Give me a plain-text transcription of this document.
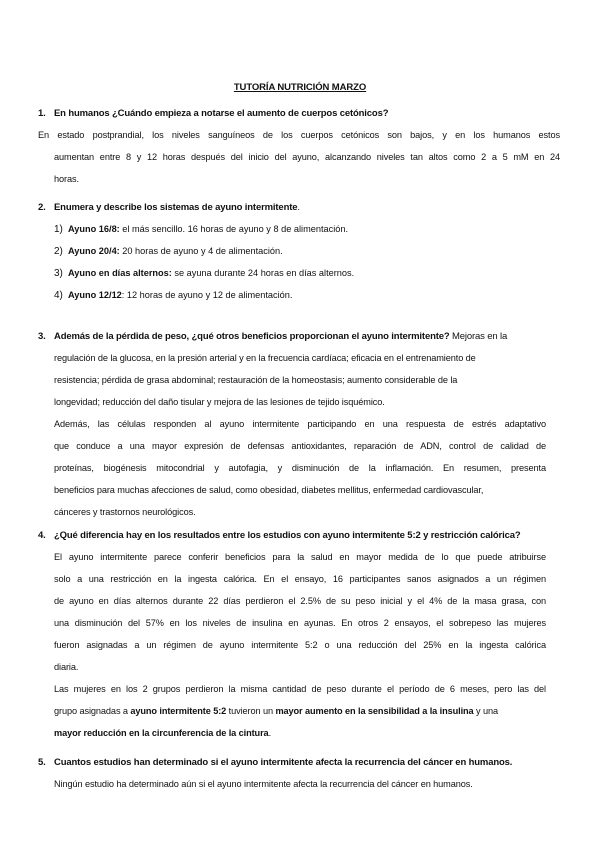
TUTORÍA NUTRICIÓN MARZO
1. En humanos ¿Cuándo empieza a notarse el aumento de cuerpos cetónicos?
En estado postprandial, los niveles sanguíneos de los cuerpos cetónicos son bajos, y en los humanos estos
aumentan entre 8 y 12 horas después del inicio del ayuno, alcanzando niveles tan altos como 2 a 5 mM en 24
horas.
2. Enumera y describe los sistemas de ayuno intermitente.
1) Ayuno 16/8: el más sencillo. 16 horas de ayuno y 8 de alimentación.
2) Ayuno 20/4: 20 horas de ayuno y 4 de alimentación.
3) Ayuno en días alternos: se ayuna durante 24 horas en días alternos.
4) Ayuno 12/12: 12 horas de ayuno y 12 de alimentación.
3. Además de la pérdida de peso, ¿qué otros beneficios proporcionan el ayuno intermitente? Mejoras en la
regulación de la glucosa, en la presión arterial y en la frecuencia cardíaca; eficacia en el entrenamiento de
resistencia; pérdida de grasa abdominal; restauración de la homeostasis; aumento considerable de la
longevidad; reducción del daño tisular y mejora de las lesiones de tejido isquémico.
Además, las células responden al ayuno intermitente participando en una respuesta de estrés adaptativo
que conduce a una mayor expresión de defensas antioxidantes, reparación de ADN, control de calidad de
proteínas, biogénesis mitocondrial y autofagia, y disminución de la inflamación. En resumen, presenta
beneficios para muchas afecciones de salud, como obesidad, diabetes mellitus, enfermedad cardiovascular,
cánceres y trastornos neurológicos.
4. ¿Qué diferencia hay en los resultados entre los estudios con ayuno intermitente 5:2 y restricción calórica?
El ayuno intermitente parece conferir beneficios para la salud en mayor medida de lo que puede atribuirse
solo a una restricción en la ingesta calórica. En el ensayo, 16 participantes sanos asignados a un régimen
de ayuno en días alternos durante 22 días perdieron el 2.5% de su peso inicial y el 4% de la masa grasa, con
una disminución del 57% en los niveles de insulina en ayunas. En otros 2 ensayos, el sobrepeso las mujeres
fueron asignadas a un régimen de ayuno intermitente 5:2 o una reducción del 25% en la ingesta calórica
diaria.
Las mujeres en los 2 grupos perdieron la misma cantidad de peso durante el período de 6 meses, pero las del
grupo asignadas a ayuno intermitente 5:2 tuvieron un mayor aumento en la sensibilidad a la insulina y una
mayor reducción en la circunferencia de la cintura.
5. Cuantos estudios han determinado si el ayuno intermitente afecta la recurrencia del cáncer en humanos.
Ningún estudio ha determinado aún si el ayuno intermitente afecta la recurrencia del cáncer en humanos.
